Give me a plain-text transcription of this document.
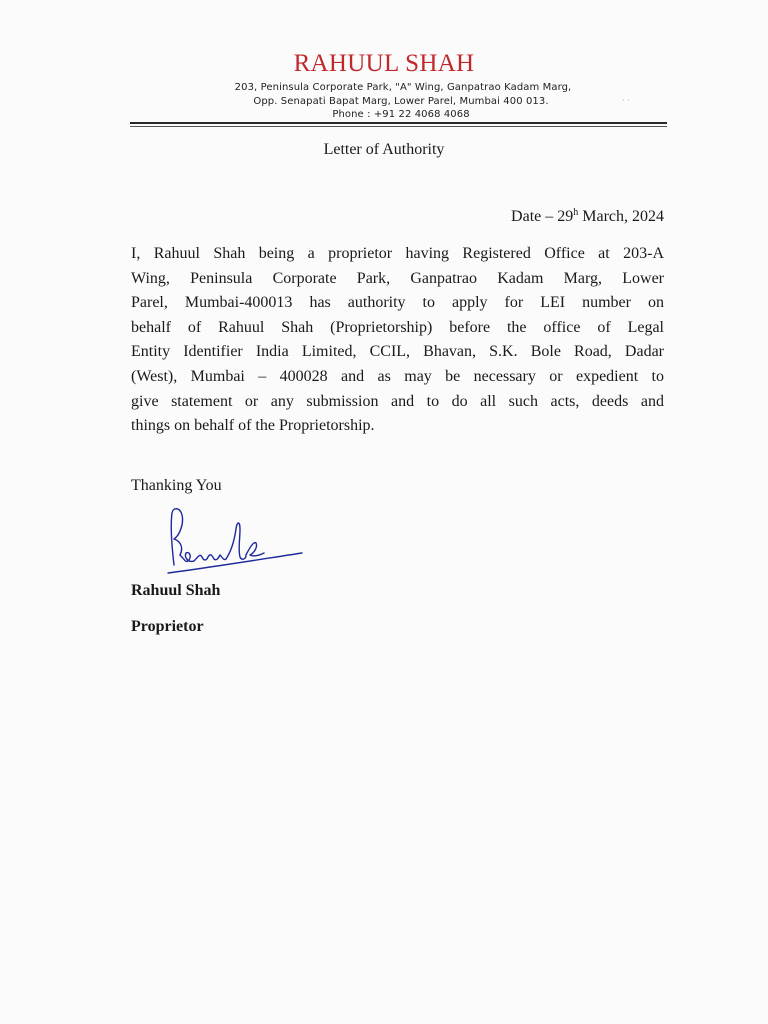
RAHUUL SHAH
203, Peninsula Corporate Park, "A" Wing, Ganpatrao Kadam Marg,
Opp. Senapati Bapat Marg, Lower Parel, Mumbai 400 013.
Phone : +91 22 4068 4068
· ·
Letter of Authority
Date – 29$^h$ March, 2024
I, Rahuul Shah being a proprietor having Registered Office at 203-A
Wing, Peninsula Corporate Park, Ganpatrao Kadam Marg, Lower
Parel, Mumbai-400013 has authority to apply for LEI number on
behalf of Rahuul Shah (Proprietorship) before the office of Legal
Entity Identifier India Limited, CCIL, Bhavan, S.K. Bole Road, Dadar
(West), Mumbai – 400028 and as may be necessary or expedient to
give statement or any submission and to do all such acts, deeds and
things on behalf of the Proprietorship.
Thanking You
Rahuul Shah
Proprietor
